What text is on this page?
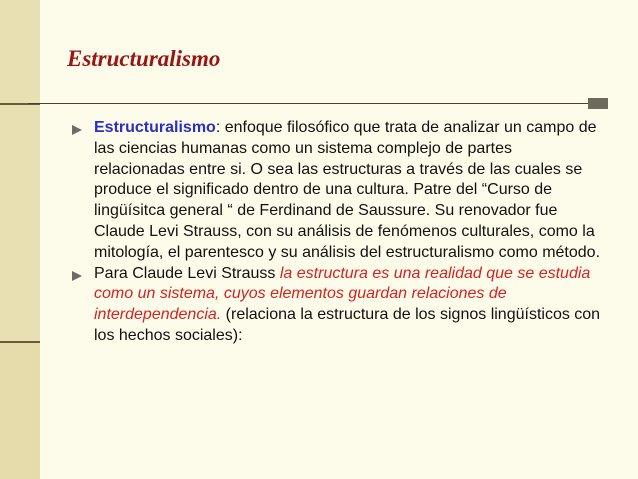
Estructuralismo
Estructuralismo: enfoque filosófico que trata de analizar un campo de las ciencias humanas como un sistema complejo de partes relacionadas entre si. O sea las estructuras a través de las cuales se produce el significado dentro de una cultura. Patre del “Curso de lingüísitca general “ de Ferdinand de Saussure. Su renovador fue Claude Levi Strauss, con su análisis de fenómenos culturales, como la mitología, el parentesco y su análisis del estructuralismo como método.
Para Claude Levi Strauss la estructura es una realidad que se estudia como un sistema, cuyos elementos guardan relaciones de interdependencia. (relaciona la estructura de los signos lingüísticos con los hechos sociales):
